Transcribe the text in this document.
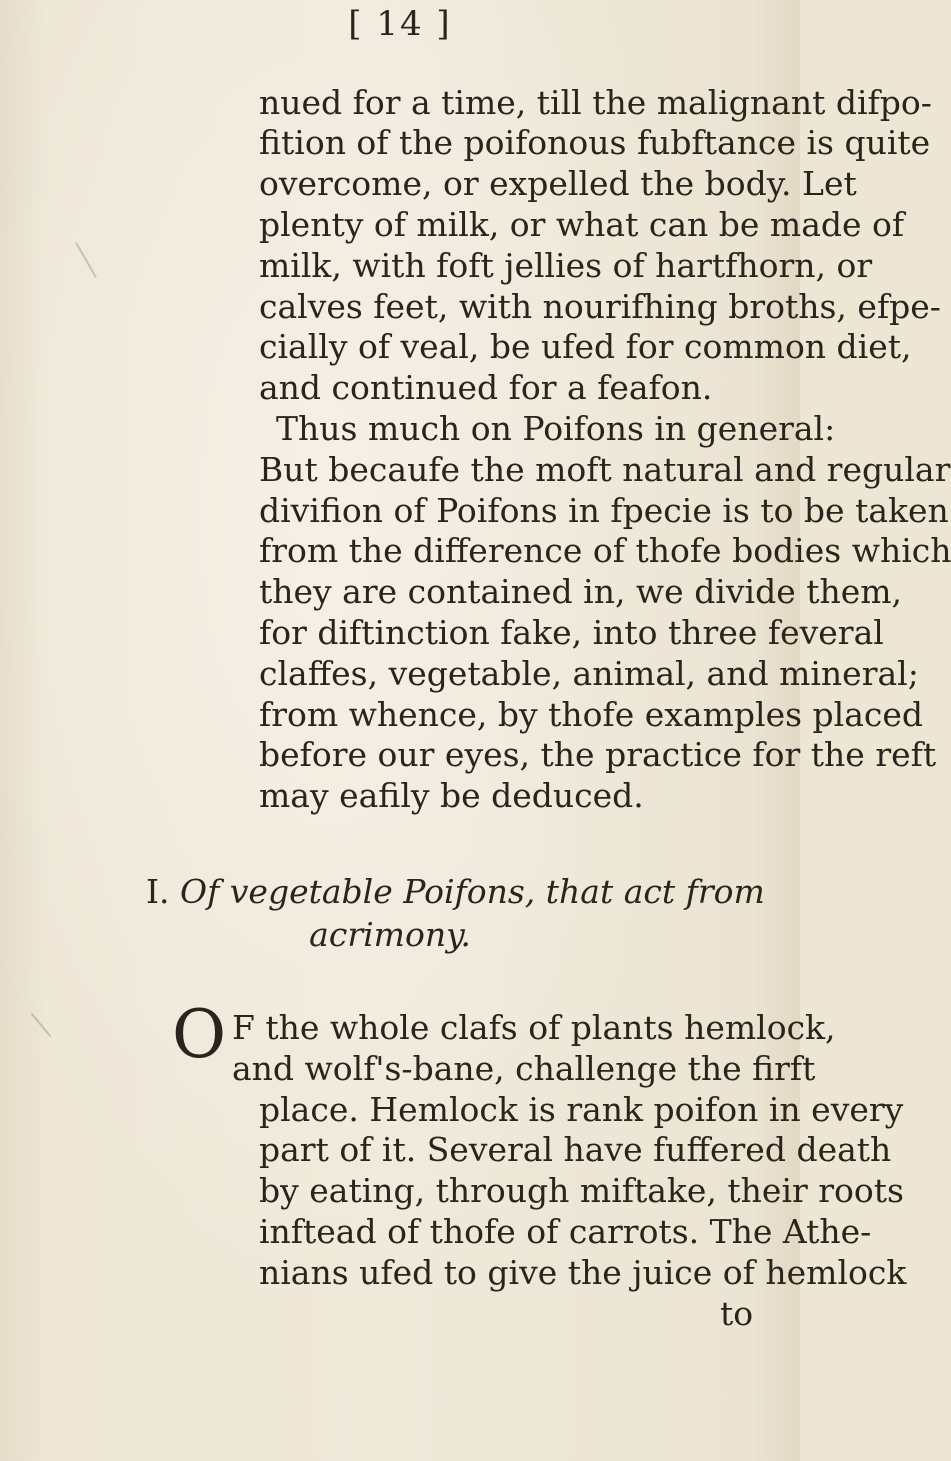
[ 14 ]

nued for a time, till the malignant difpo-

fition of the poifonous fubftance is quite

overcome, or expelled the body. Let

plenty of milk, or what can be made of

milk, with foft jellies of hartfhorn, or

calves feet, with nourifhing broths, efpe-

cially of veal, be ufed for common diet,

and continued for a feafon.

Thus much on Poifons in general:

But becaufe the moft natural and regular

divifion of Poifons in fpecie is to be taken

from the difference of thofe bodies which

they are contained in, we divide them,

for diftinction fake, into three feveral

claffes, vegetable, animal, and mineral;

from whence, by thofe examples placed

before our eyes, the practice for the reft

may eafily be deduced.

I. Of vegetable Poifons, that act from
acrimony.
O F the whole clafs of plants hemlock,

and wolf's-bane, challenge the firft

place. Hemlock is rank poifon in every

part of it. Several have fuffered death

by eating, through miftake, their roots

inftead of thofe of carrots. The Athe-

nians ufed to give the juice of hemlock

to
